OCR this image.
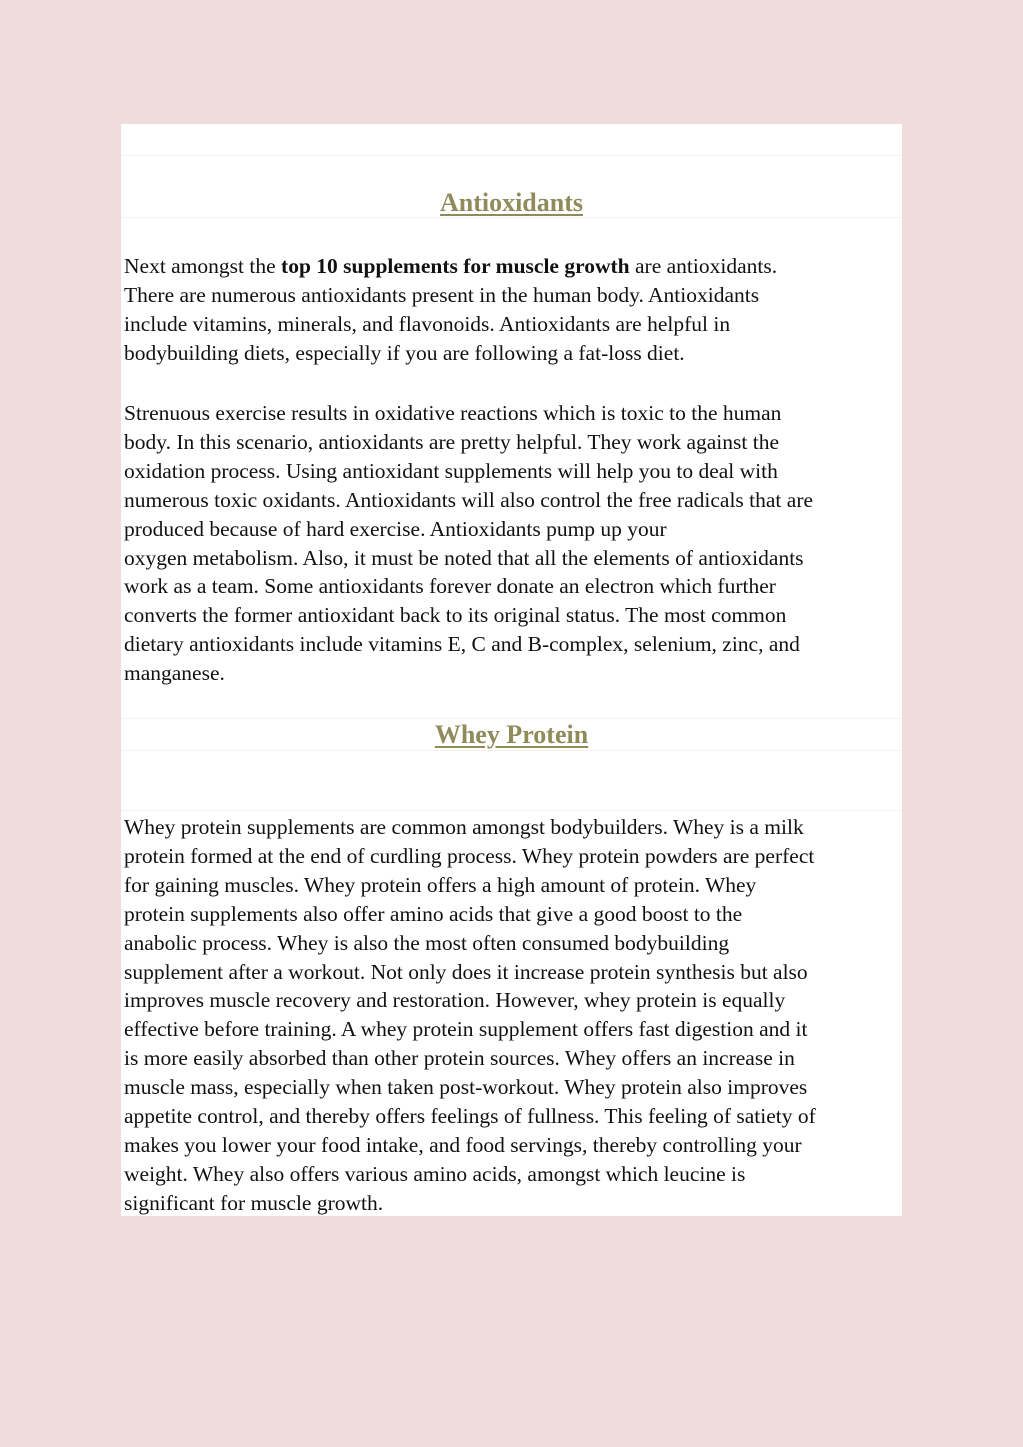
Antioxidants

Next amongst the top 10 supplements for muscle growth are antioxidants.
There are numerous antioxidants present in the human body. Antioxidants
include vitamins, minerals, and flavonoids. Antioxidants are helpful in
bodybuilding diets, especially if you are following a fat-loss diet.

Strenuous exercise results in oxidative reactions which is toxic to the human
body. In this scenario, antioxidants are pretty helpful. They work against the
oxidation process. Using antioxidant supplements will help you to deal with
numerous toxic oxidants. Antioxidants will also control the free radicals that are
produced because of hard exercise. Antioxidants pump up your
oxygen metabolism. Also, it must be noted that all the elements of antioxidants
work as a team. Some antioxidants forever donate an electron which further
converts the former antioxidant back to its original status. The most common
dietary antioxidants include vitamins E, C and B-complex, selenium, zinc, and
manganese.

Whey Protein

Whey protein supplements are common amongst bodybuilders. Whey is a milk
protein formed at the end of curdling process. Whey protein powders are perfect
for gaining muscles. Whey protein offers a high amount of protein. Whey
protein supplements also offer amino acids that give a good boost to the
anabolic process. Whey is also the most often consumed bodybuilding
supplement after a workout. Not only does it increase protein synthesis but also
improves muscle recovery and restoration. However, whey protein is equally
effective before training. A whey protein supplement offers fast digestion and it
is more easily absorbed than other protein sources. Whey offers an increase in
muscle mass, especially when taken post-workout. Whey protein also improves
appetite control, and thereby offers feelings of fullness. This feeling of satiety of
makes you lower your food intake, and food servings, thereby controlling your
weight. Whey also offers various amino acids, amongst which leucine is
significant for muscle growth.
